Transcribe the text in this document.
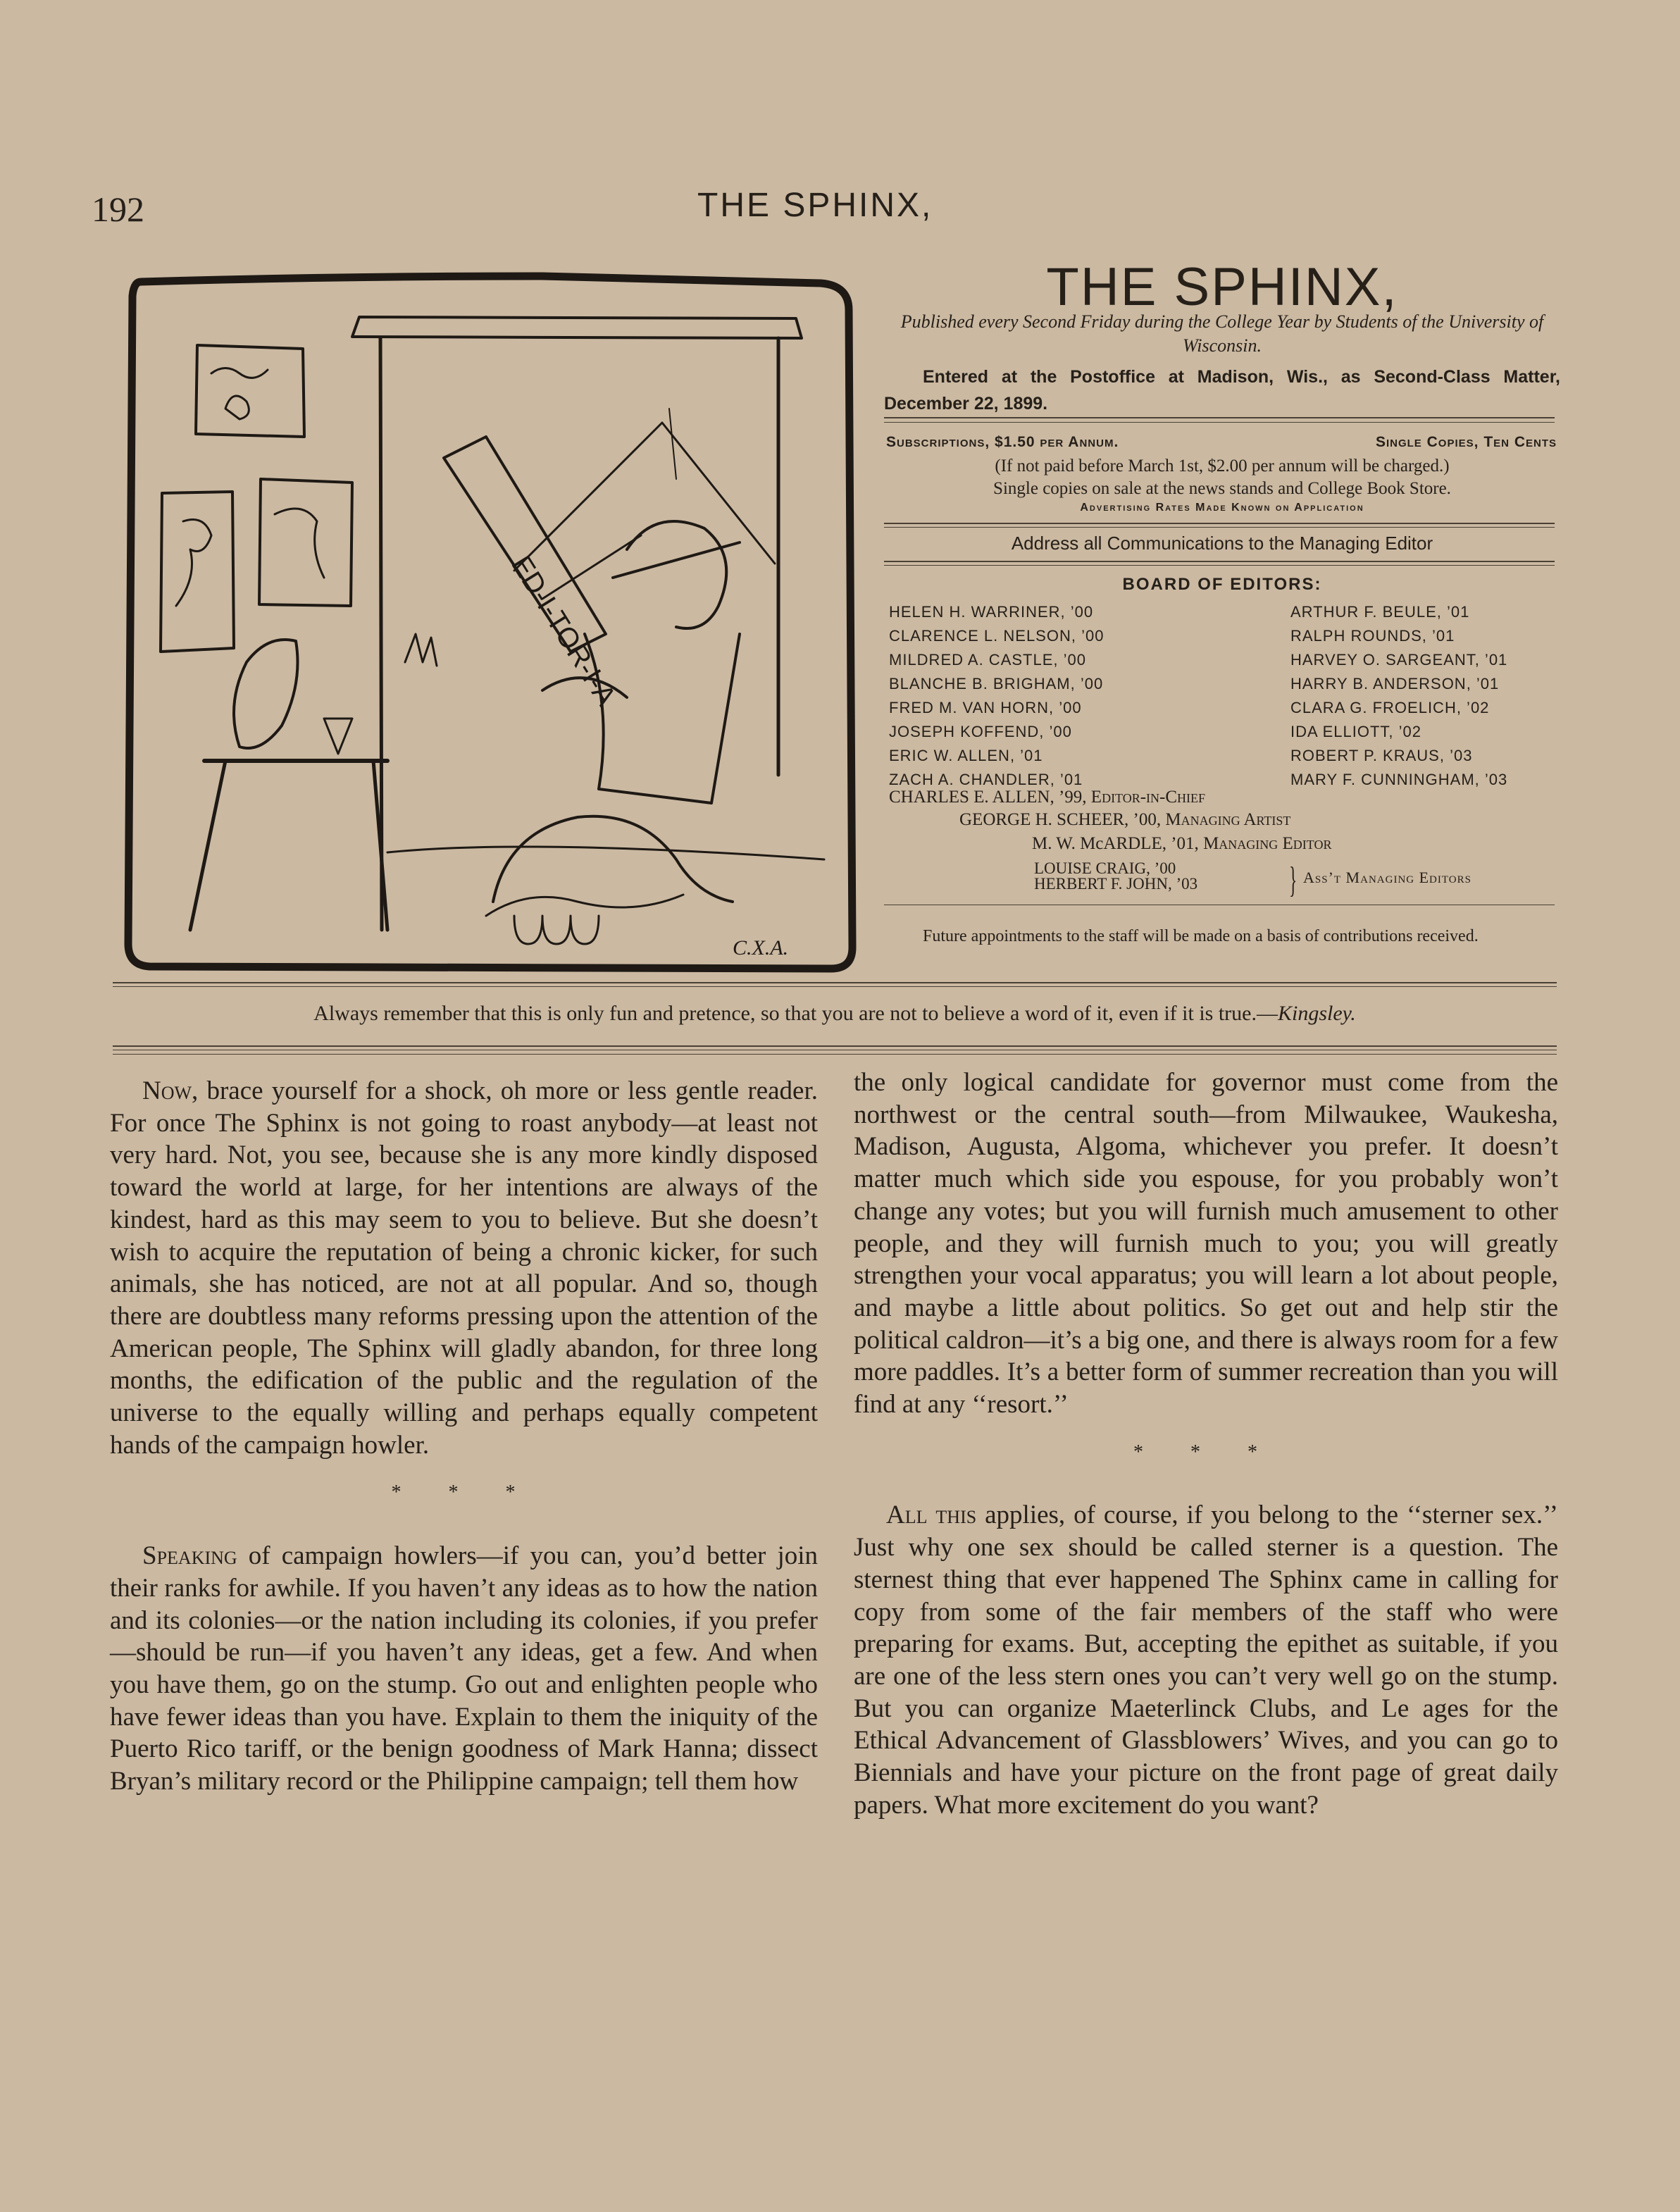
192	THE SPHINX,
ED-I-TOR-I-A
C.X.A.
THE SPHINX,
Published every Second Friday during the College Year by Students of the University of Wisconsin.
Entered at the Postoffice at Madison, Wis., as Second-Class Matter, December 22, 1899.
Subscriptions, $1.50 per Annum.	Single Copies, Ten Cents
(If not paid before March 1st, $2.00 per annum will be charged.)
Single copies on sale at the news stands and College Book Store.
Advertising Rates Made Known on Application
Address all Communications to the Managing Editor
BOARD OF EDITORS:
HELEN H. WARRINER, ’00
CLARENCE L. NELSON, ’00
MILDRED A. CASTLE, ’00
BLANCHE B. BRIGHAM, ’00
FRED M. VAN HORN, ’00
JOSEPH KOFFEND, ’00
ERIC W. ALLEN, ’01
ZACH A. CHANDLER, ’01
ARTHUR F. BEULE, ’01
RALPH ROUNDS, ’01
HARVEY O. SARGEANT, ’01
HARRY B. ANDERSON, ’01
CLARA G. FROELICH, ’02
IDA ELLIOTT, ’02
ROBERT P. KRAUS, ’03
MARY F. CUNNINGHAM, ’03
CHARLES E. ALLEN, ’99, Editor-in-Chief
GEORGE H. SCHEER, ’00, Managing Artist
M. W. McARDLE, ’01, Managing Editor
LOUISE CRAIG, ’00
HERBERT F. JOHN, ’03 } Ass’t Managing Editors
Future appointments to the staff will be made on a basis of contributions received.
Always remember that this is only fun and pretence, so that you are not to believe a word of it, even if it is true.—Kingsley.

Now, brace yourself for a shock, oh more or less gentle reader. For once The Sphinx is not going to roast anybody—at least not very hard. Not, you see, because she is any more kindly disposed toward the world at large, for her intentions are always of the kindest, hard as this may seem to you to believe. But she doesn’t wish to acquire the reputation of being a chronic kicker, for such animals, she has noticed, are not at all popular. And so, though there are doubtless many reforms pressing upon the attention of the American people, The Sphinx will gladly abandon, for three long months, the edification of the public and the regulation of the universe to the equally willing and perhaps equally competent hands of the campaign howler.

* * *

Speaking of campaign howlers—if you can, you’d better join their ranks for awhile. If you haven’t any ideas as to how the nation and its colonies—or the nation including its colonies, if you prefer—should be run—if you haven’t any ideas, get a few. And when you have them, go on the stump. Go out and enlighten people who have fewer ideas than you have. Explain to them the iniquity of the Puerto Rico tariff, or the benign goodness of Mark Hanna; dissect Bryan’s military record or the Philippine campaign; tell them how

the only logical candidate for governor must come from the northwest or the central south—from Milwaukee, Waukesha, Madison, Augusta, Algoma, whichever you prefer. It doesn’t matter much which side you espouse, for you probably won’t change any votes; but you will furnish much amusement to other people, and they will furnish much to you; you will greatly strengthen your vocal apparatus; you will learn a lot about people, and maybe a little about politics. So get out and help stir the political caldron—it’s a big one, and there is always room for a few more paddles. It’s a better form of summer recreation than you will find at any ‘‘resort.’’

* * *

All this applies, of course, if you belong to the ‘‘sterner sex.’’ Just why one sex should be called sterner is a question. The sternest thing that ever happened The Sphinx came in calling for copy from some of the fair members of the staff who were preparing for exams. But, accepting the epithet as suitable, if you are one of the less stern ones you can’t very well go on the stump. But you can organize Maeterlinck Clubs, and Le ages for the Ethical Advancement of Glassblowers’ Wives, and you can go to Biennials and have your picture on the front page of great daily papers. What more excitement do you want?
